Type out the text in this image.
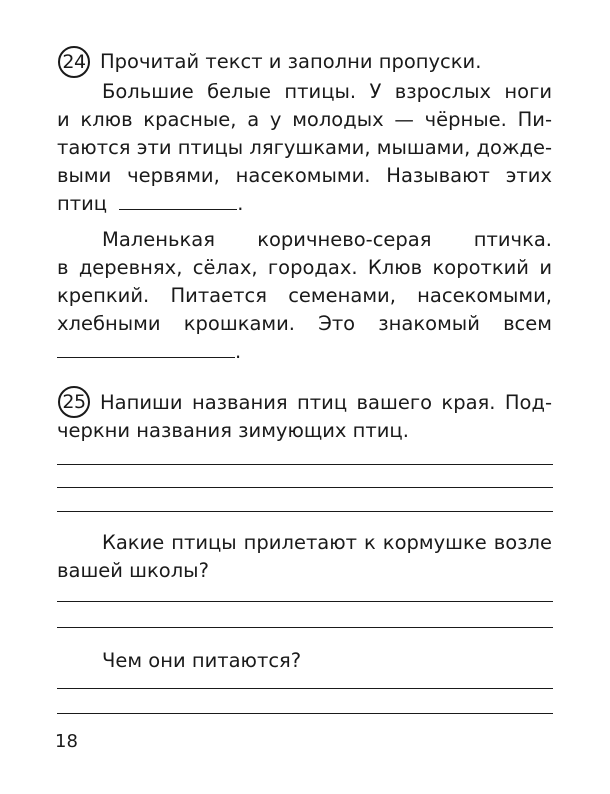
24 Прочитай текст и заполни пропуски.
Большие белые птицы. У взрослых ноги
и клюв красные, а у молодых — чёрные. Пи-
таются эти птицы лягушками, мышами, дожде-
выми червями, насекомыми. Называют этих
птиц	.
Маленькая коричнево-серая птичка.
в деревнях, сёлах, городах. Клюв короткий и
крепкий. Питается семенами, насекомыми,
хлебными крошками. Это знакомый всем
.
25 Напиши названия птиц вашего края. Под-
черкни названия зимующих птиц.
Какие птицы прилетают к кормушке возле
вашей школы?
Чем они питаются?
18
